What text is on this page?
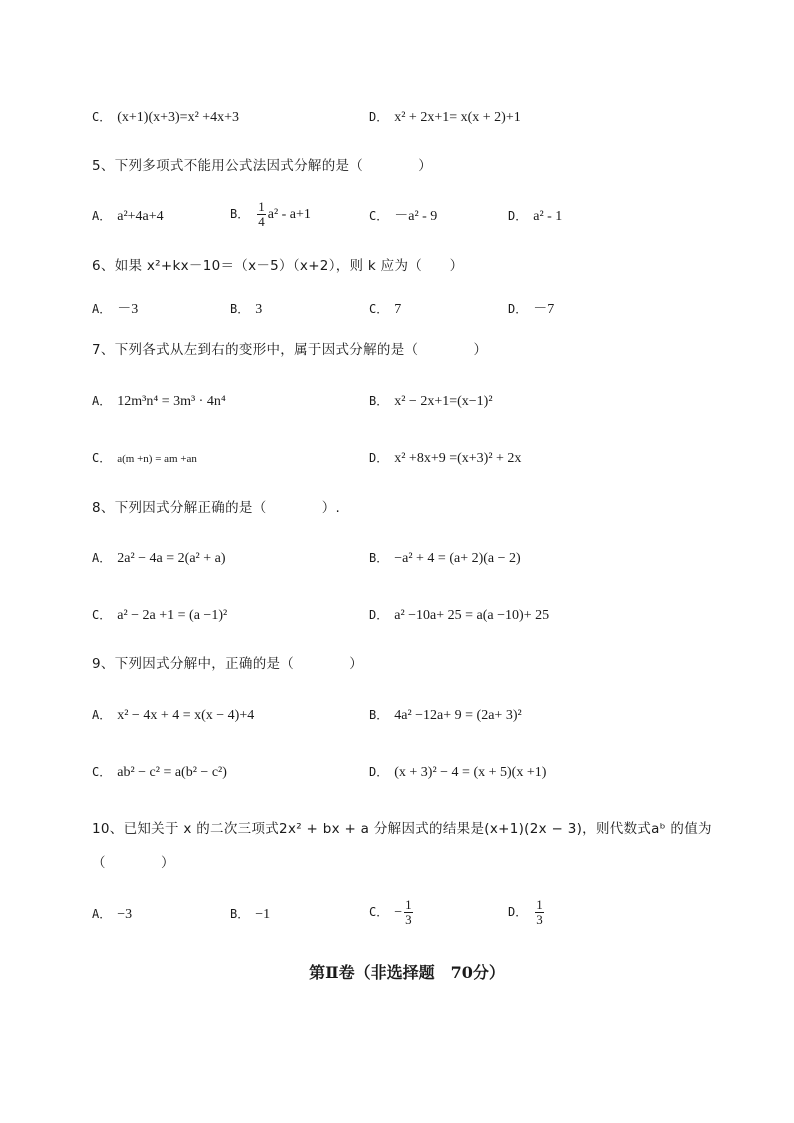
C． (x+1)(x+3)=x² +4x+3	D． x² + 2x+1= x(x + 2)+1
5、下列多项式不能用公式法因式分解的是（　　　　）
A． a²+4a+4	B． $\frac{1}{4} a^2 - a+1$	C． －a² - 9	D． a² - 1
6、如果 x²+kx－10＝（x－5）（x+2），则 k 应为（　　）
A． －3	B． 3	C． 7	D． －7
7、下列各式从左到右的变形中，属于因式分解的是（　　　　）
A． 12m³n⁴ = 3m³ · 4n⁴	B． x² − 2x+1=(x−1)²
C． a(m +n) = am +an	D． x² +8x+9 =(x+3)² + 2x
8、下列因式分解正确的是（　　　　）.
A． 2a² − 4a = 2(a² + a)	B． −a² + 4 = (a+ 2)(a − 2)
C． a² − 2a +1 = (a −1)²	D． a² −10a+ 25 = a(a −10)+ 25
9、下列因式分解中，正确的是（　　　　）
A． x² − 4x + 4 = x(x − 4)+4	B． 4a² −12a+ 9 = (2a+ 3)²
C． ab² − c² = a(b² − c²)	D． (x + 3)² − 4 = (x + 5)(x +1)
10、已知关于 x 的二次三项式2x² + bx + a 分解因式的结果是(x+1)(2x − 3)，则代数式aᵇ 的值为
（　　　　）
A． −3	B． −1	C． − $\frac{1}{3}$	D． $\frac{1}{3}$
第Ⅱ卷（非选择题　70分）
